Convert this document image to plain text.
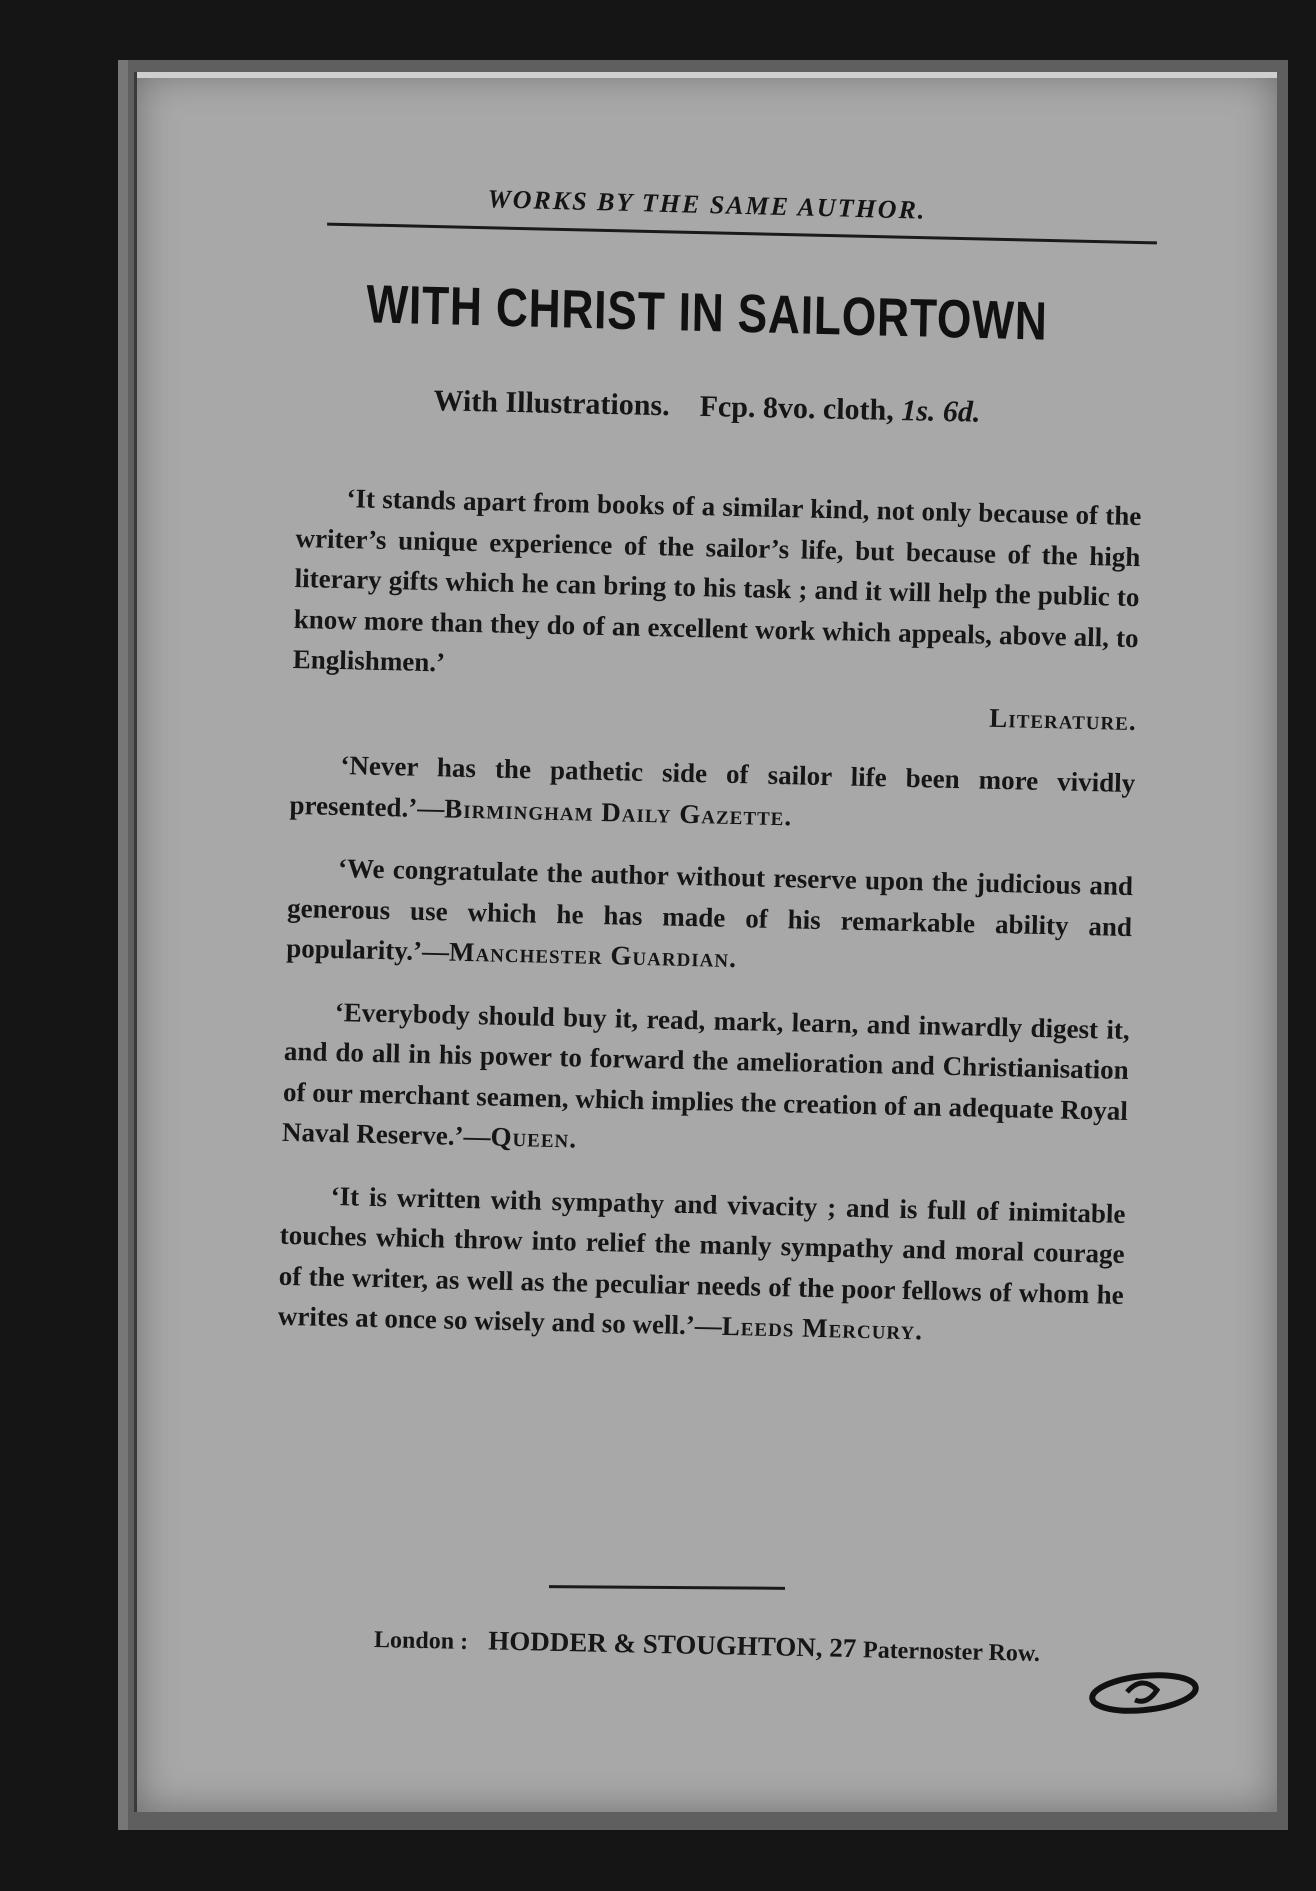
WORKS BY THE SAME AUTHOR.
WITH CHRIST IN SAILORTOWN
With Illustrations. Fcp. 8vo. cloth, 1s. 6d.

‘It stands apart from books of a similar kind, not only because of the writer’s unique experience of the sailor’s life, but because of the high literary gifts which he can bring to his task ; and it will help the public to know more than they do of an excellent work which appeals, above all, to Englishmen.’
Literature.

‘Never has the pathetic side of sailor life been more vividly presented.’—Birmingham Daily Gazette.

‘We congratulate the author without reserve upon the judicious and generous use which he has made of his remarkable ability and popularity.’—Manchester Guardian.

‘Everybody should buy it, read, mark, learn, and inwardly digest it, and do all in his power to forward the amelioration and Christianisation of our merchant seamen, which implies the creation of an adequate Royal Naval Reserve.’—Queen.

‘It is written with sympathy and vivacity ; and is full of inimitable touches which throw into relief the manly sympathy and moral courage of the writer, as well as the peculiar needs of the poor fellows of whom he writes at once so wisely and so well.’—Leeds Mercury.

London : HODDER & STOUGHTON, 27 Paternoster Row.
